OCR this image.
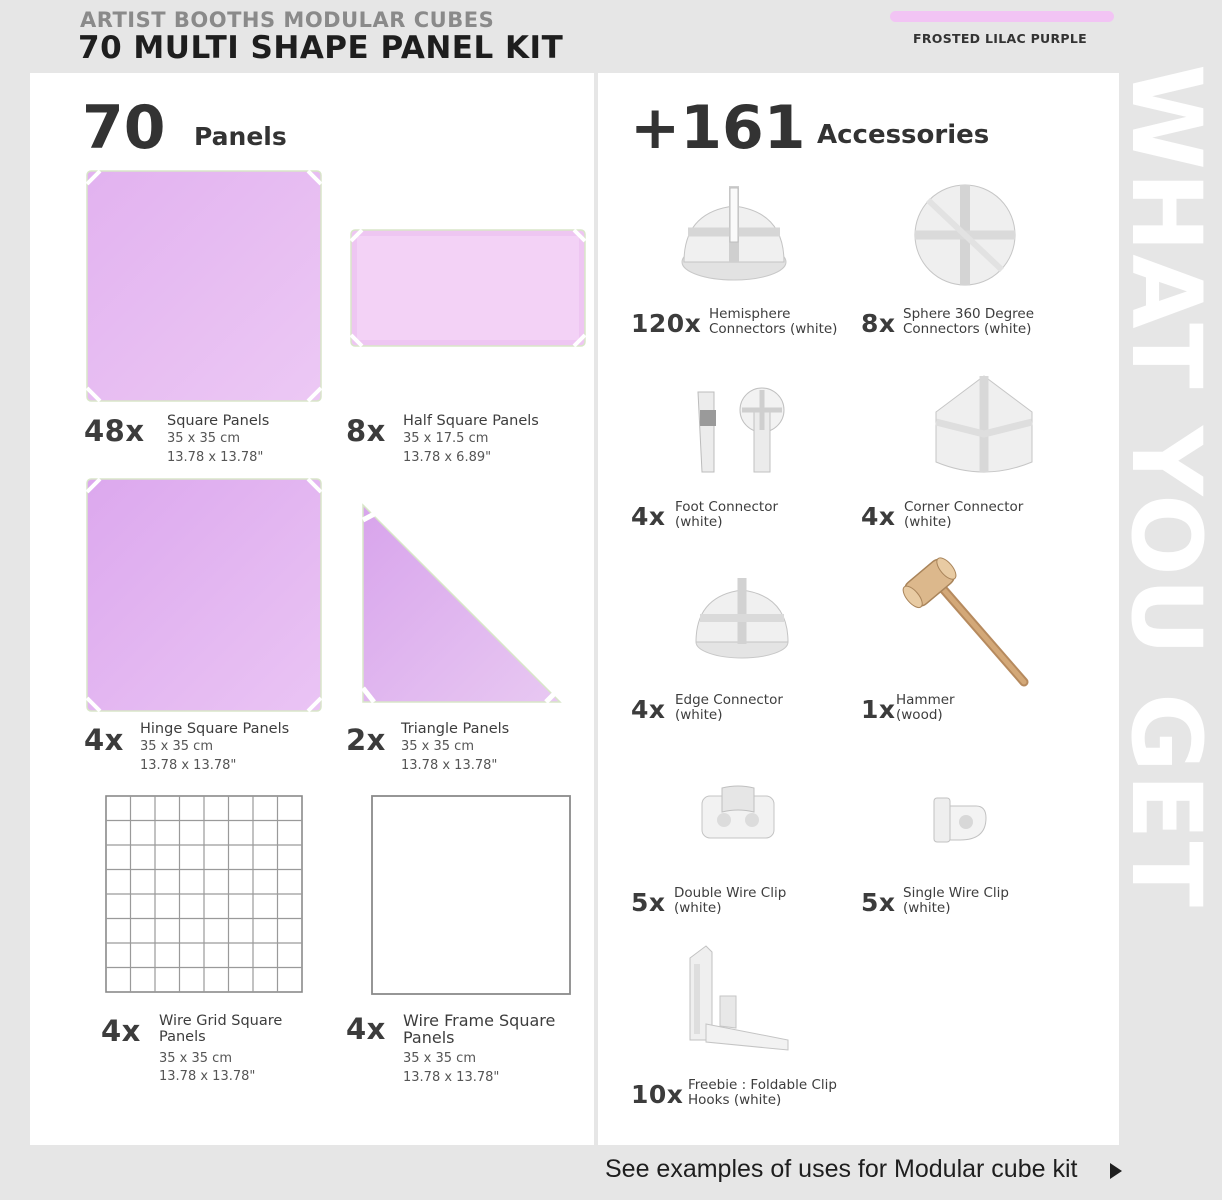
ARTIST BOOTHS MODULAR CUBES
70 MULTI SHAPE PANEL KIT	FROSTED LILAC PURPLE
WHAT YOU GET
70 Panels
48x Square Panels
35 x 35 cm
13.78 x 13.78"
8x Half Square Panels
35 x 17.5 cm
13.78 x 6.89"
4x Hinge Square Panels
35 x 35 cm
13.78 x 13.78"
2x Triangle Panels
35 x 35 cm
13.78 x 13.78"
4x Wire Grid Square
Panels
35 x 35 cm
13.78 x 13.78"
4x Wire Frame Square
Panels
35 x 35 cm
13.78 x 13.78"
+161 Accessories
120x Hemisphere
Connectors (white) 8x Sphere 360 Degree
Connectors (white)
4x Foot Connector
(white)	4x Corner Connector
(white)
4x Edge Connector
(white)	1x Hammer
(wood)
5x Double Wire Clip
(white)	5x Single Wire Clip
(white)
10x Freebie : Foldable Clip
Hooks (white)
See examples of uses for Modular cube kit
